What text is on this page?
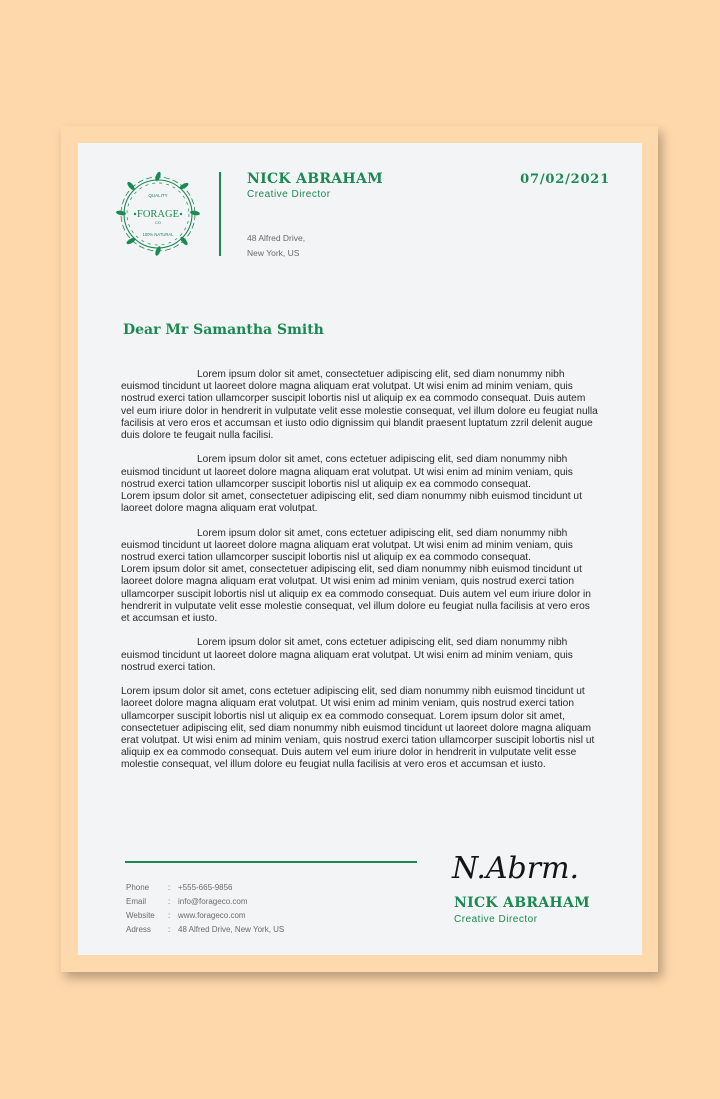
QUALITY
FORAGE
CO
100% NATURAL
NICK ABRAHAM
Creative Director
48 Alfred Drive,
New York, US
07/02/2021
Dear Mr Samantha Smith

Lorem ipsum dolor sit amet, consectetuer adipiscing elit, sed diam nonummy nibh euismod tincidunt ut laoreet dolore magna aliquam erat volutpat. Ut wisi enim ad minim veniam, quis nostrud exerci tation ullamcorper suscipit lobortis nisl ut aliquip ex ea commodo consequat. Duis autem vel eum iriure dolor in hendrerit in vulputate velit esse molestie consequat, vel illum dolore eu feugiat nulla facilisis at vero eros et accumsan et iusto odio dignissim qui blandit praesent luptatum zzril delenit augue duis dolore te feugait nulla facilisi.

Lorem ipsum dolor sit amet, cons ectetuer adipiscing elit, sed diam nonummy nibh euismod tincidunt ut laoreet dolore magna aliquam erat volutpat. Ut wisi enim ad minim veniam, quis nostrud exerci tation ullamcorper suscipit lobortis nisl ut aliquip ex ea commodo consequat.

Lorem ipsum dolor sit amet, consectetuer adipiscing elit, sed diam nonummy nibh euismod tincidunt ut laoreet dolore magna aliquam erat volutpat.

Lorem ipsum dolor sit amet, cons ectetuer adipiscing elit, sed diam nonummy nibh euismod tincidunt ut laoreet dolore magna aliquam erat volutpat. Ut wisi enim ad minim veniam, quis nostrud exerci tation ullamcorper suscipit lobortis nisl ut aliquip ex ea commodo consequat.

Lorem ipsum dolor sit amet, consectetuer adipiscing elit, sed diam nonummy nibh euismod tincidunt ut laoreet dolore magna aliquam erat volutpat. Ut wisi enim ad minim veniam, quis nostrud exerci tation ullamcorper suscipit lobortis nisl ut aliquip ex ea commodo consequat. Duis autem vel eum iriure dolor in hendrerit in vulputate velit esse molestie consequat, vel illum dolore eu feugiat nulla facilisis at vero eros et accumsan et iusto.

Lorem ipsum dolor sit amet, cons ectetuer adipiscing elit, sed diam nonummy nibh euismod tincidunt ut laoreet dolore magna aliquam erat volutpat. Ut wisi enim ad minim veniam, quis nostrud exerci tation.

Lorem ipsum dolor sit amet, cons ectetuer adipiscing elit, sed diam nonummy nibh euismod tincidunt ut laoreet dolore magna aliquam erat volutpat. Ut wisi enim ad minim veniam, quis nostrud exerci tation ullamcorper suscipit lobortis nisl ut aliquip ex ea commodo consequat. Lorem ipsum dolor sit amet, consectetuer adipiscing elit, sed diam nonummy nibh euismod tincidunt ut laoreet dolore magna aliquam erat volutpat. Ut wisi enim ad minim veniam, quis nostrud exerci tation ullamcorper suscipit lobortis nisl ut aliquip ex ea commodo consequat. Duis autem vel eum iriure dolor in hendrerit in vulputate velit esse molestie consequat, vel illum dolore eu feugiat nulla facilisis at vero eros et accumsan et iusto.

Phone	:	+555-665-9856
Email	:	info@forageco.com
Website	:	www.forageco.com
Adress	:	48 Alfred Drive, New York, US
N.Abrm.
NICK ABRAHAM
Creative Director
